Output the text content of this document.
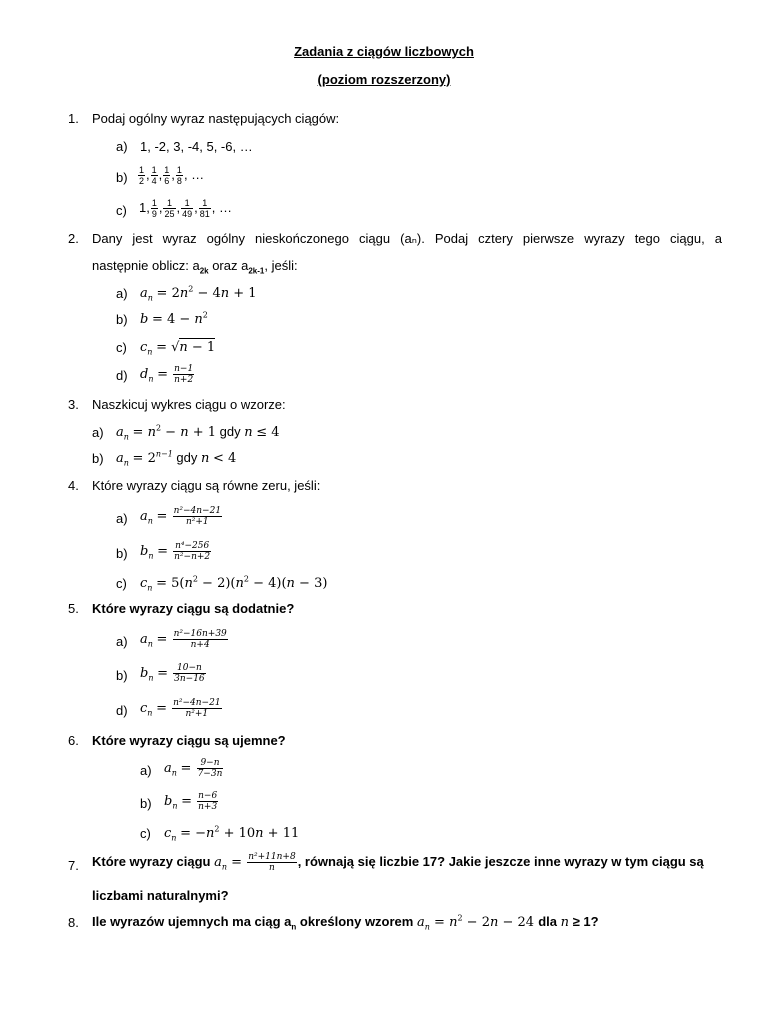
Zadania z ciągów liczbowych
(poziom rozszerzony)
1. Podaj ogólny wyraz następujących ciągów:
a) 1, -2, 3, -4, 5, -6, …
$b) \frac{1}{2}$ , $\frac{1}{4}$ , $\frac{1}{6}$ , $\frac{1}{8}$ , …
c) 1, $\frac{1}{9}$ , $\frac{1}{25}$ , $\frac{1}{49}$ , $\frac{1}{81}$ , …
2. Dany jest wyraz ogólny nieskończonego ciągu (aₙ). Podaj cztery pierwsze wyrazy tego ciągu, a
następnie oblicz: $a_{2k}$ oraz $a_{2k-1}$, jeśli:
a) $a_n = 2n^2 - 4n + 1$
b) $b = 4 - n^2$
c) $c_n = √n - 1$
d) $d_n = \frac{n-1}{n+2}$
3. Naszkicuj wykres ciągu o wzorze:
a) $a_n = n^2 - n + 1$ gdy n ≤ 4
b) $a_n = 2^{n-1}$ gdy n < 4
4. Które wyrazy ciągu są równe zeru, jeśli:
a) $a_n = \frac{\text{n²−4n−21}}{\text{n²+1}}$
b) $b_n = \frac{\text{n⁴−256}}{\text{n²−n+2}}$
c) $c_n = 5(n^2 - 2)(n^2 - 4)(n - 3)$
5. Które wyrazy ciągu są dodatnie?
a) $a_n = \frac{\text{n²−16n+39}}{n+4}$
b) $b_n = \frac{10-n}{3n-16}$
d) $c_n = \frac{\text{n²−4n−21}}{\text{n²+1}}$
6. Które wyrazy ciągu są ujemne?
a) $a_n = \frac{9-n}{7-3n}$
b) $b_n = \frac{n-6}{n+3}$
c) $c_n = -n^2 + 10n + 11$
7. Które wyrazy ciągu $a_n = \frac{\text{n²+11n+8}}{n}$ , równają się liczbie 17? Jakie jeszcze inne wyrazy w tym ciągu są
liczbami naturalnymi?
8. Ile wyrazów ujemnych ma ciąg $a_n$ określony wzorem $a_n = n^2 - 2n - 24$ dla n ≥ 1?
